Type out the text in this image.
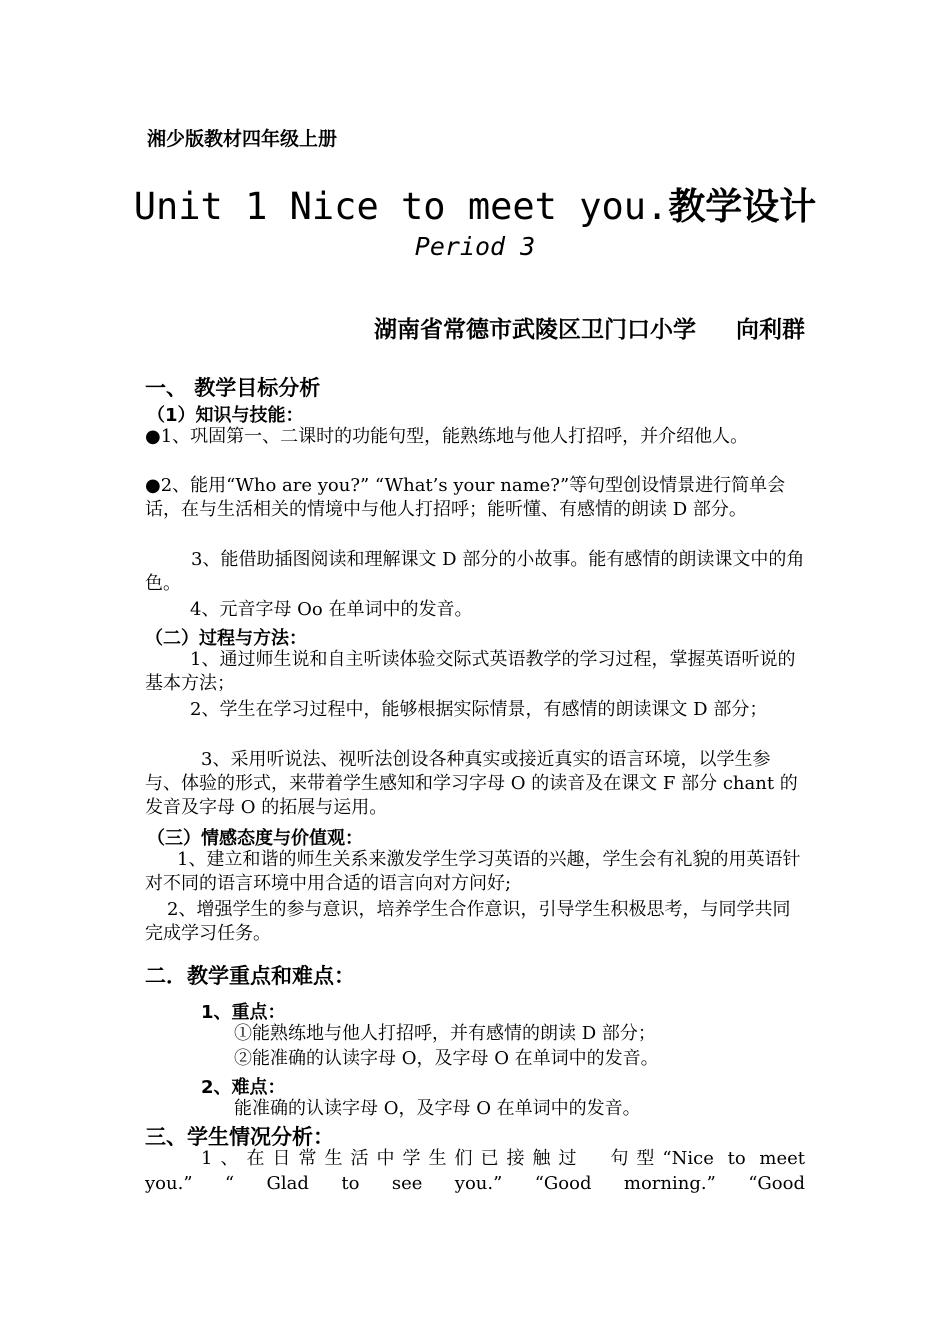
湘少版教材四年级上册
Unit 1 Nice to meet you.教学设计
Period 3
湖南省常德市武陵区卫门口小学 向利群
一、 教学目标分析
（1）知识与技能：
●1、巩固第一、二课时的功能句型，能熟练地与他人打招呼，并介绍他人。
●2、能用“Who are you?” “What’s your name?”等句型创设情景进行简单会话，在与生活相关的情境中与他人打招呼；能听懂、有感情的朗读 D 部分。
3、能借助插图阅读和理解课文 D 部分的小故事。能有感情的朗读课文中的角色。
4、元音字母 Oo 在单词中的发音。
（二）过程与方法：
1、通过师生说和自主听读体验交际式英语教学的学习过程，掌握英语听说的基本方法；
2、学生在学习过程中，能够根据实际情景，有感情的朗读课文 D 部分；
3、采用听说法、视听法创设各种真实或接近真实的语言环境，以学生参与、体验的形式，来带着学生感知和学习字母 O 的读音及在课文 F 部分 chant 的发音及字母 O 的拓展与运用。
（三）情感态度与价值观：
1、建立和谐的师生关系来激发学生学习英语的兴趣，学生会有礼貌的用英语针对不同的语言环境中用合适的语言向对方问好;
2、增强学生的参与意识，培养学生合作意识，引导学生积极思考，与同学共同完成学习任务。
二．教学重点和难点：
1、重点：
①能熟练地与他人打招呼，并有感情的朗读 D 部分；
②能准确的认读字母 O，及字母 O 在单词中的发音。
2、难点：
能准确的认读字母 O，及字母 O 在单词中的发音。
三、学生情况分析：
1、在日常生活中学生们已接触过　句型“Nice to meet
you.” “ Glad to see you.” “Good morning.” “Good
